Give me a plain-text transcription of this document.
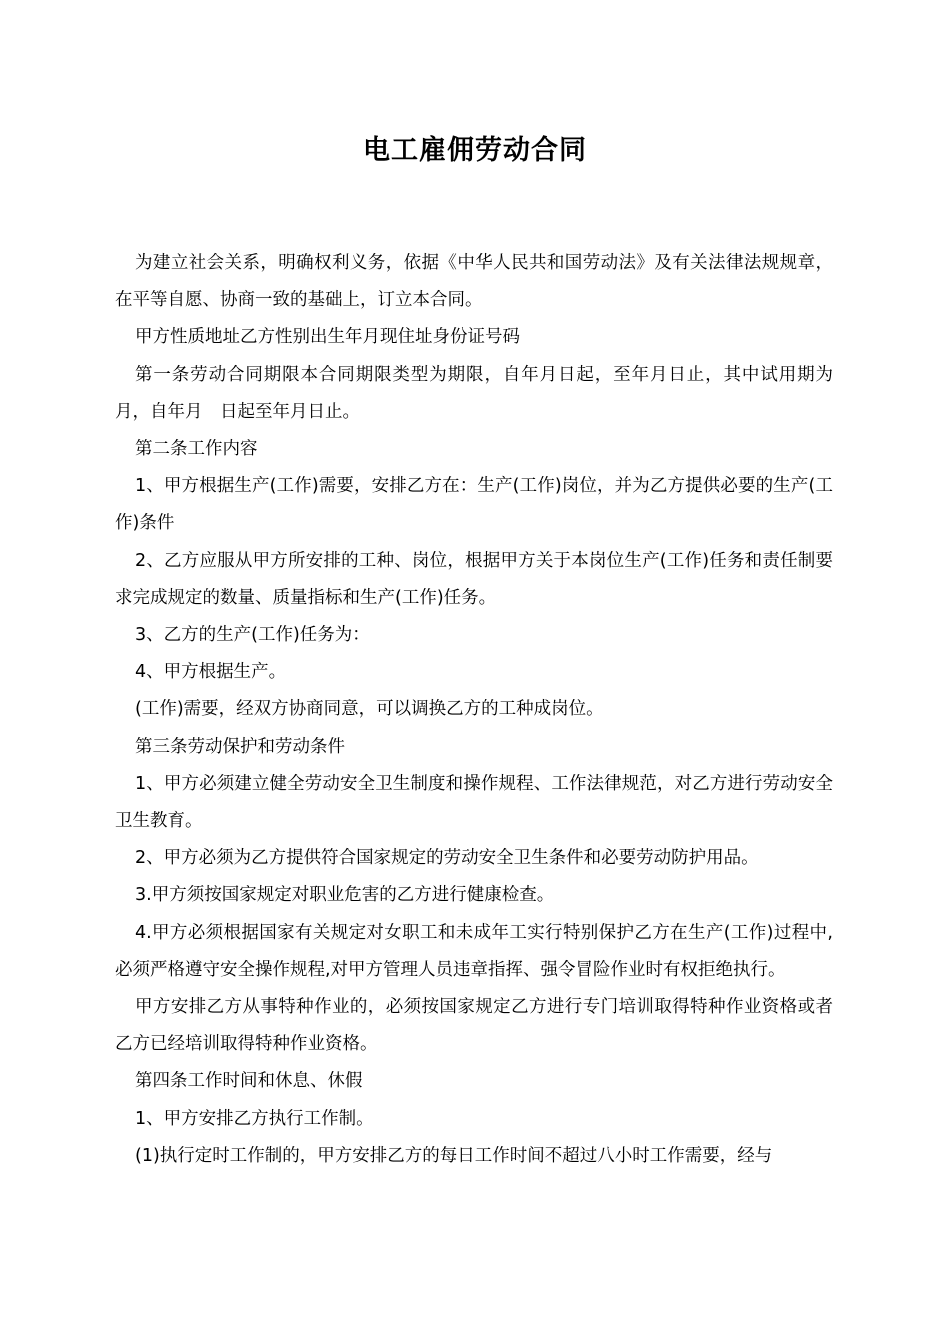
电工雇佣劳动合同

为建立社会关系，明确权利义务，依据《中华人民共和国劳动法》及有关法律法规规章，在平等自愿、协商一致的基础上，订立本合同。

甲方性质地址乙方性别出生年月现住址身份证号码

第一条劳动合同期限本合同期限类型为期限，自年月日起，至年月日止，其中试用期为月，自年月　日起至年月日止。

第二条工作内容

1、甲方根据生产(工作)需要，安排乙方在：生产(工作)岗位，并为乙方提供必要的生产(工作)条件

2、乙方应服从甲方所安排的工种、岗位，根据甲方关于本岗位生产(工作)任务和责任制要求完成规定的数量、质量指标和生产(工作)任务。

3、乙方的生产(工作)任务为：

4、甲方根据生产。

(工作)需要，经双方协商同意，可以调换乙方的工种成岗位。

第三条劳动保护和劳动条件

1、甲方必须建立健全劳动安全卫生制度和操作规程、工作法律规范，对乙方进行劳动安全卫生教育。

2、甲方必须为乙方提供符合国家规定的劳动安全卫生条件和必要劳动防护用品。

3.甲方须按国家规定对职业危害的乙方进行健康检查。

4.甲方必须根据国家有关规定对女职工和未成年工实行特别保护乙方在生产(工作)过程中,必须严格遵守安全操作规程,对甲方管理人员违章指挥、强令冒险作业时有权拒绝执行。

甲方安排乙方从事特种作业的，必须按国家规定乙方进行专门培训取得特种作业资格或者乙方已经培训取得特种作业资格。

第四条工作时间和休息、休假

1、甲方安排乙方执行工作制。

(1)执行定时工作制的，甲方安排乙方的每日工作时间不超过八小时工作需要，经与
